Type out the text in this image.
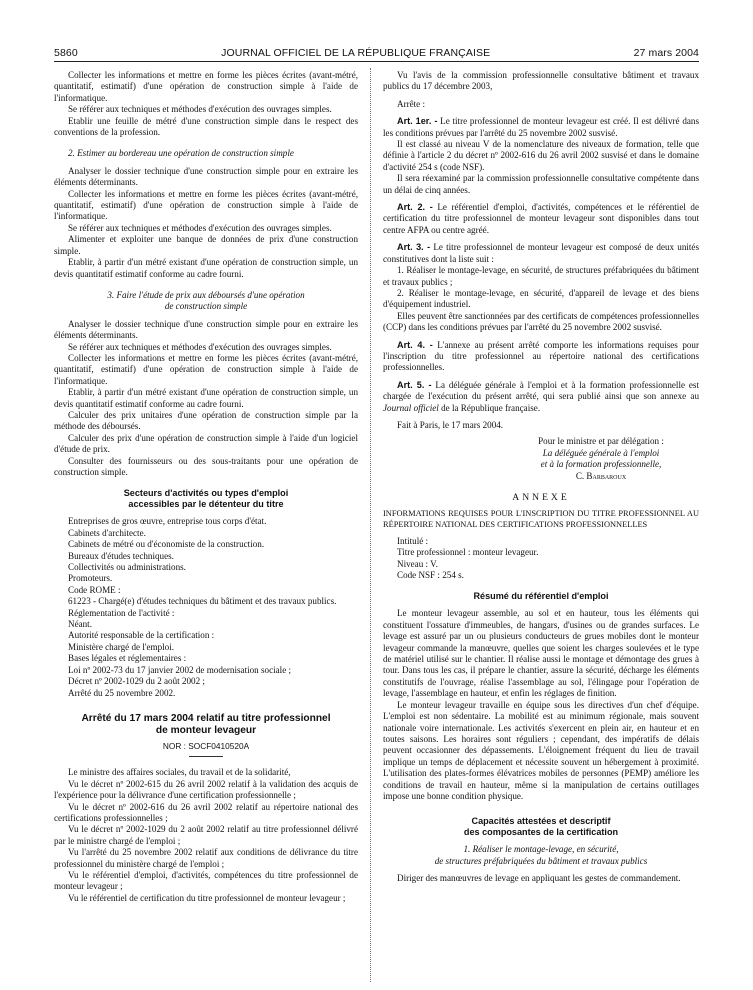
5860	JOURNAL OFFICIEL DE LA RÉPUBLIQUE FRANÇAISE	27 mars 2004

Collecter les informations et mettre en forme les pièces écrites (avant-métré, quantitatif, estimatif) d'une opération de construction simple à l'aide de l'informatique.

Se référer aux techniques et méthodes d'exécution des ouvrages simples.

Etablir une feuille de métré d'une construction simple dans le respect des conventions de la profession.

2. Estimer au bordereau une opération de construction simple

Analyser le dossier technique d'une construction simple pour en extraire les éléments déterminants.

Collecter les informations et mettre en forme les pièces écrites (avant-métré, quantitatif, estimatif) d'une opération de construction simple à l'aide de l'informatique.

Se référer aux techniques et méthodes d'exécution des ouvrages simples.

Alimenter et exploiter une banque de données de prix d'une construction simple.

Etablir, à partir d'un métré existant d'une opération de construction simple, un devis quantitatif estimatif conforme au cadre fourni.

3. Faire l'étude de prix aux déboursés d'une opération

de construction simple

Analyser le dossier technique d'une construction simple pour en extraire les éléments déterminants.

Se référer aux techniques et méthodes d'exécution des ouvrages simples.

Collecter les informations et mettre en forme les pièces écrites (avant-métré, quantitatif, estimatif) d'une opération de construction simple à l'aide de l'informatique.

Etablir, à partir d'un métré existant d'une opération de construction simple, un devis quantitatif estimatif conforme au cadre fourni.

Calculer des prix unitaires d'une opération de construction simple par la méthode des déboursés.

Calculer des prix d'une opération de construction simple à l'aide d'un logiciel d'étude de prix.

Consulter des fournisseurs ou des sous-traitants pour une opération de construction simple.

Secteurs d'activités ou types d'emploi

accessibles par le détenteur du titre

Entreprises de gros œuvre, entreprise tous corps d'état.

Cabinets d'architecte.

Cabinets de métré ou d'économiste de la construction.

Bureaux d'études techniques.

Collectivités ou administrations.

Promoteurs.

Code ROME :

61223 - Chargé(e) d'études techniques du bâtiment et des travaux publics.

Réglementation de l'activité :

Néant.

Autorité responsable de la certification :

Ministère chargé de l'emploi.

Bases légales et réglementaires :

Loi nº 2002-73 du 17 janvier 2002 de modernisation sociale ;

Décret nº 2002-1029 du 2 août 2002 ;

Arrêté du 25 novembre 2002.

Arrêté du 17 mars 2004 relatif au titre professionnel

de monteur levageur

NOR : SOCF0410520A

Le ministre des affaires sociales, du travail et de la solidarité,

Vu le décret nº 2002-615 du 26 avril 2002 relatif à la validation des acquis de l'expérience pour la délivrance d'une certification professionnelle ;

Vu le décret nº 2002-616 du 26 avril 2002 relatif au répertoire national des certifications professionnelles ;

Vu le décret nº 2002-1029 du 2 août 2002 relatif au titre professionnel délivré par le ministre chargé de l'emploi ;

Vu l'arrêté du 25 novembre 2002 relatif aux conditions de délivrance du titre professionnel du ministère chargé de l'emploi ;

Vu le référentiel d'emploi, d'activités, compétences du titre professionnel de monteur levageur ;

Vu le référentiel de certification du titre professionnel de monteur levageur ;

Vu l'avis de la commission professionnelle consultative bâtiment et travaux publics du 17 décembre 2003,

Arrête :

Art. 1er. - Le titre professionnel de monteur levageur est créé. Il est délivré dans les conditions prévues par l'arrêté du 25 novembre 2002 susvisé.

Il est classé au niveau V de la nomenclature des niveaux de formation, telle que définie à l'article 2 du décret nº 2002-616 du 26 avril 2002 susvisé et dans le domaine d'activité 254 s (code NSF).

Il sera réexaminé par la commission professionnelle consultative compétente dans un délai de cinq années.

Art. 2. - Le référentiel d'emploi, d'activités, compétences et le référentiel de certification du titre professionnel de monteur levageur sont disponibles dans tout centre AFPA ou centre agréé.

Art. 3. - Le titre professionnel de monteur levageur est composé de deux unités constitutives dont la liste suit :

1. Réaliser le montage-levage, en sécurité, de structures préfabriquées du bâtiment et travaux publics ;

2. Réaliser le montage-levage, en sécurité, d'appareil de levage et des biens d'équipement industriel.

Elles peuvent être sanctionnées par des certificats de compétences professionnelles (CCP) dans les conditions prévues par l'arrêté du 25 novembre 2002 susvisé.

Art. 4. - L'annexe au présent arrêté comporte les informations requises pour l'inscription du titre professionnel au répertoire national des certifications professionnelles.

Art. 5. - La déléguée générale à l'emploi et à la formation professionnelle est chargée de l'exécution du présent arrêté, qui sera publié ainsi que son annexe au Journal officiel de la République française.

Fait à Paris, le 17 mars 2004.

Pour le ministre et par délégation :

La déléguée générale à l'emploi

et à la formation professionnelle,

C. Barbaroux

ANNEXE

INFORMATIONS REQUISES POUR L'INSCRIPTION DU TITRE PROFESSIONNEL AU RÉPERTOIRE NATIONAL DES CERTIFICATIONS PROFESSIONNELLES

Intitulé :

Titre professionnel : monteur levageur.

Niveau : V.

Code NSF : 254 s.

Résumé du référentiel d'emploi

Le monteur levageur assemble, au sol et en hauteur, tous les éléments qui constituent l'ossature d'immeubles, de hangars, d'usines ou de grandes surfaces. Le levage est assuré par un ou plusieurs conducteurs de grues mobiles dont le monteur levageur commande la manœuvre, quelles que soient les charges soulevées et le type de matériel utilisé sur le chantier. Il réalise aussi le montage et démontage des grues à tour. Dans tous les cas, il prépare le chantier, assure la sécurité, décharge les éléments constitutifs de l'ouvrage, réalise l'assemblage au sol, l'élingage pour l'opération de levage, l'assemblage en hauteur, et enfin les réglages de finition.

Le monteur levageur travaille en équipe sous les directives d'un chef d'équipe. L'emploi est non sédentaire. La mobilité est au minimum régionale, mais souvent nationale voire internationale. Les activités s'exercent en plein air, en hauteur et en toutes saisons. Les horaires sont réguliers ; cependant, des impératifs de délais peuvent occasionner des dépassements. L'éloignement fréquent du lieu de travail implique un temps de déplacement et nécessite souvent un hébergement à proximité. L'utilisation des plates-formes élévatrices mobiles de personnes (PEMP) améliore les conditions de travail en hauteur, même si la manipulation de certains outillages impose une bonne condition physique.

Capacités attestées et descriptif

des composantes de la certification

1. Réaliser le montage-levage, en sécurité,

de structures préfabriquées du bâtiment et travaux publics

Diriger des manœuvres de levage en appliquant les gestes de commandement.
